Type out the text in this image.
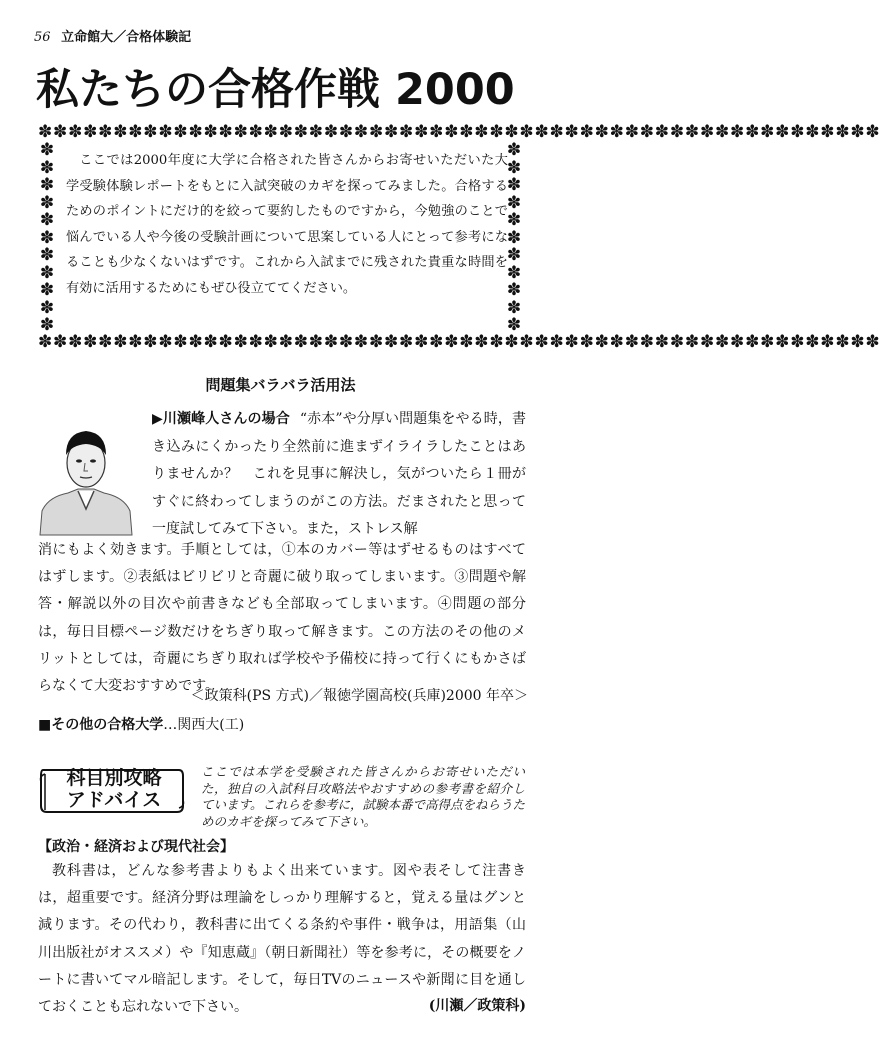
56 立命館大／合格体験記
私たちの合格作戦 2000
✽✽✽✽✽✽✽✽✽✽✽✽✽✽✽✽✽✽✽✽✽✽✽✽✽✽✽✽✽✽✽✽✽✽✽✽✽✽✽✽✽✽✽✽✽✽✽✽✽✽✽✽✽✽✽✽
✽✽✽✽✽✽✽✽✽✽✽✽✽✽✽✽✽✽✽✽✽✽✽✽✽✽✽✽✽✽✽✽✽✽✽✽✽✽✽✽✽✽✽✽✽✽✽✽✽✽✽✽✽✽✽✽
✽
✽
✽
✽
✽
✽
✽
✽
✽
✽
✽
✽
✽
✽
✽
✽
✽
✽
✽
✽
✽
✽
ここでは2000年度に大学に合格された皆さんからお寄せいただいた大学受験体験レポートをもとに入試突破のカギを探ってみました。合格するためのポイントにだけ的を絞って要約したものですから，今勉強のことで悩んでいる人や今後の受験計画について思案している人にとって参考になることも少なくないはずです。これから入試までに残された貴重な時間を有効に活用するためにもぜひ役立ててください。
問題集バラバラ活用法
▶川瀬峰人さんの場合 “赤本”や分厚い問題集をやる時，書き込みにくかったり全然前に進まずイライラしたことはありませんか？　これを見事に解決し，気がついたら１冊がすぐに終わってしまうのがこの方法。だまされたと思って一度試してみて下さい。また，ストレス解
消にもよく効きます。手順としては，①本のカバー等はずせるものはすべてはずします。②表紙はビリビリと奇麗に破り取ってしまいます。③問題や解答・解説以外の目次や前書きなども全部取ってしまいます。④問題の部分は，毎日目標ページ数だけをちぎり取って解きます。この方法のその他のメリットとしては，奇麗にちぎり取れば学校や予備校に持って行くにもかさばらなくて大変おすすめです。
＜政策科(PS 方式)／報徳学園高校(兵庫)2000 年卒＞
■その他の合格大学…関西大(工)
科目別攻略
アドバイス
ここでは本学を受験された皆さんからお寄せいただいた，独自の入試科目攻略法やおすすめの参考書を紹介しています。これらを参考に，試験本番で高得点をねらうためのカギを探ってみて下さい。
【政治・経済および現代社会】
教科書は，どんな参考書よりもよく出来ています。図や表そして注書きは，超重要です。経済分野は理論をしっかり理解すると，覚える量はグンと減ります。その代わり，教科書に出てくる条約や事件・戦争は，用語集（山川出版社がオススメ）や『知恵蔵』（朝日新聞社）等を参考に，その概要をノートに書いてマル暗記します。そして，毎日TVのニュースや新聞に目を通しておくことも忘れないで下さい。	(川瀬／政策科)
